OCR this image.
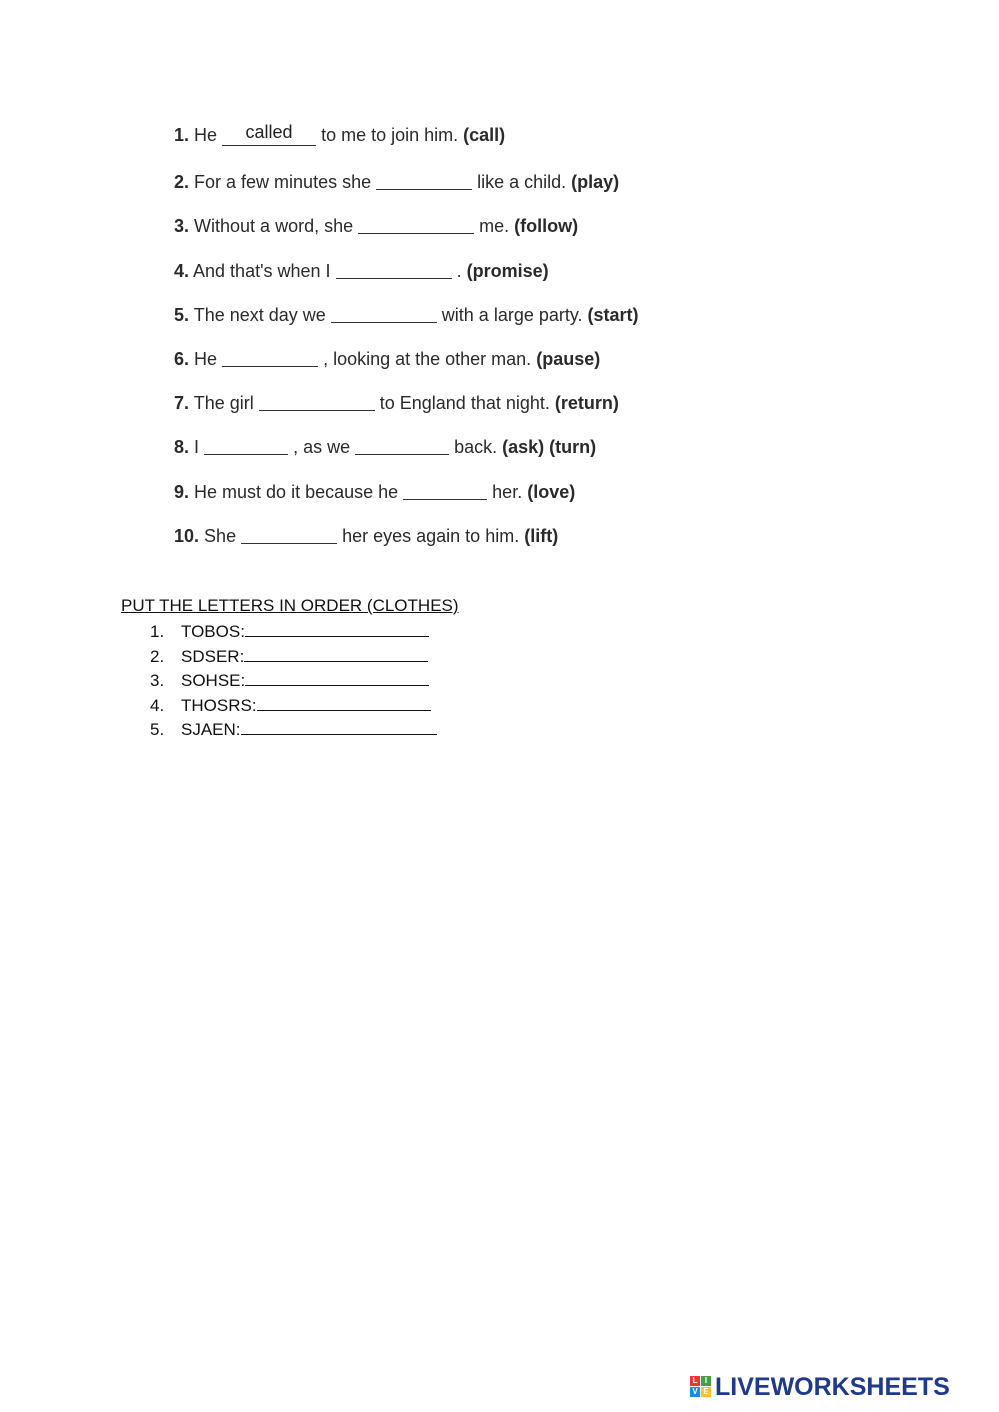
1. He called to me to join him. (call)
2. For a few minutes she	like a child. (play)
3. Without a word, she	me. (follow)
4. And that's when I	. (promise)
5. The next day we	with a large party. (start)
6. He	, looking at the other man. (pause)
7. The girl	to England that night. (return)
8. I	, as we	back. (ask) (turn)
9. He must do it because he	her. (love)
10. She	her eyes again to him. (lift)
PUT THE LETTERS IN ORDER (CLOTHES)
1. TOBOS:
2. SDSER:
3. SOHSE:
4. THOSRS:
5. SJAEN:
L I
V E LIVEWORKSHEETS
